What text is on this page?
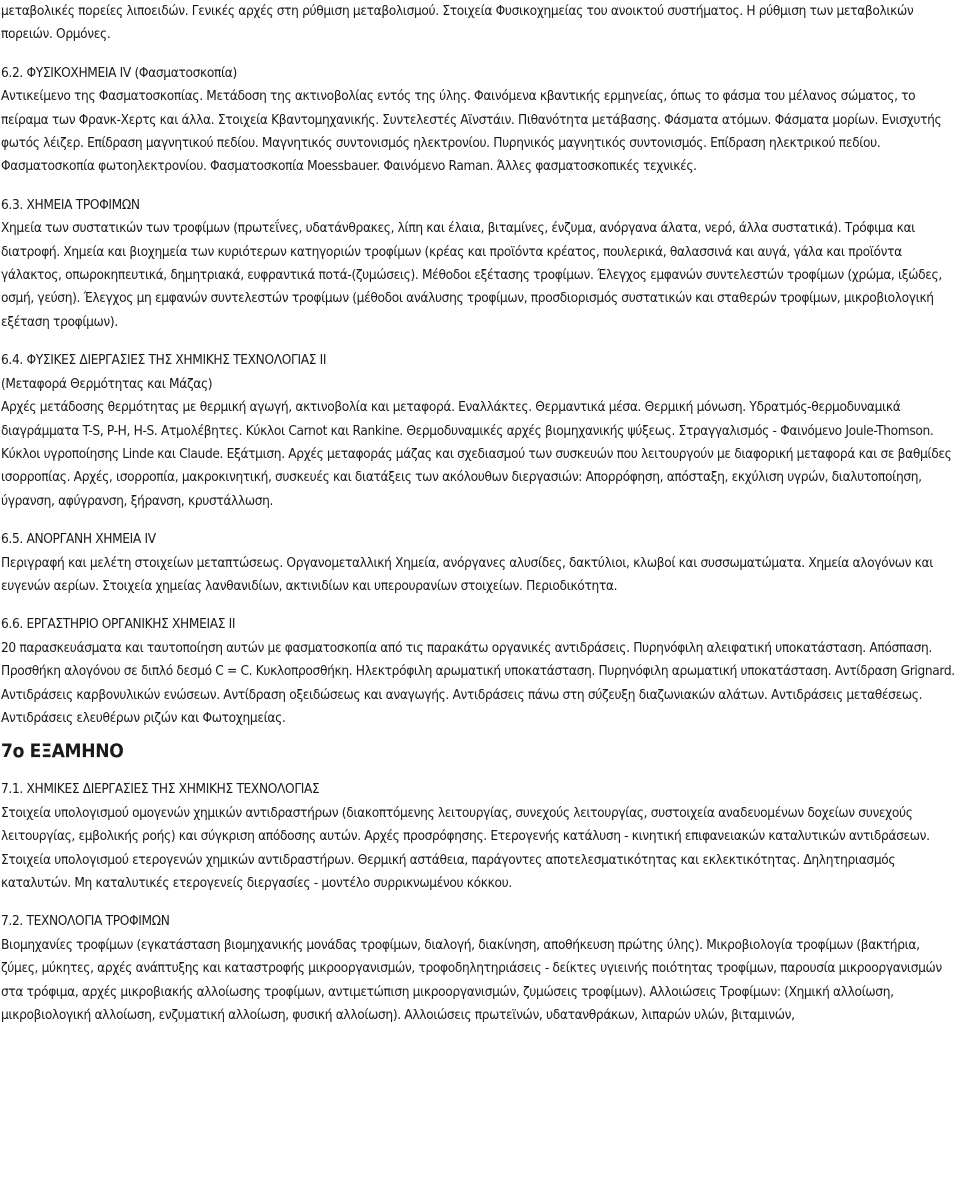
μεταβολικές πορείες λιποειδών. Γενικές αρχές στη ρύθμιση μεταβολισμού. Στοιχεία Φυσικοχημείας του ανοικτού συστήματος. Η ρύθμιση των μεταβολικών πορειών. Ορμόνες.

6.2. ΦΥΣΙΚΟΧΗΜΕΙΑ IV (Φασματοσκοπία)
Αντικείμενο της Φασματοσκοπίας. Μετάδοση της ακτινοβολίας εντός της ύλης. Φαινόμενα κβαντικής ερμηνείας, όπως το φάσμα του μέλανος σώματος, το πείραμα των Φρανκ-Χερτς και άλλα. Στοιχεία Κβαντομηχανικής. Συντελεστές Αϊνστάιν. Πιθανότητα μετάβασης. Φάσματα ατόμων. Φάσματα μορίων. Ενισχυτής φωτός λέιζερ. Επίδραση μαγνητικού πεδίου. Μαγνητικός συντονισμός ηλεκτρονίου. Πυρηνικός μαγνητικός συντονισμός. Επίδραση ηλεκτρικού πεδίου. Φασματοσκοπία φωτοηλεκτρονίου. Φασματοσκοπία Moessbauer. Φαινόμενο Raman. Άλλες φασματοσκοπικές τεχνικές.
6.3. ΧΗΜΕΙΑ ΤΡΟΦΙΜΩΝ
Χημεία των συστατικών των τροφίμων (πρωτεΐνες, υδατάνθρακες, λίπη και έλαια, βιταμίνες, ένζυμα, ανόργανα άλατα, νερό, άλλα συστατικά). Τρόφιμα και διατροφή. Χημεία και βιοχημεία των κυριότερων κατηγοριών τροφίμων (κρέας και προϊόντα κρέατος, πουλερικά, θαλασσινά και αυγά, γάλα και προϊόντα γάλακτος, οπωροκηπευτικά, δημητριακά, ευφραντικά ποτά-(ζυμώσεις). Μέθοδοι εξέτασης τροφίμων. Έλεγχος εμφανών συντελεστών τροφίμων (χρώμα, ιξώδες, οσμή, γεύση). Έλεγχος μη εμφανών συντελεστών τροφίμων (μέθοδοι ανάλυσης τροφίμων, προσδιορισμός συστατικών και σταθερών τροφίμων, μικροβιολογική εξέταση τροφίμων).
6.4. ΦΥΣΙΚΕΣ ΔΙΕΡΓΑΣΙΕΣ ΤΗΣ ΧΗΜΙΚΗΣ ΤΕΧΝΟΛΟΓΙΑΣ II
(Μεταφορά Θερμότητας και Μάζας)
Αρχές μετάδοσης θερμότητας με θερμική αγωγή, ακτινοβολία και μεταφορά. Εναλλάκτες. Θερμαντικά μέσα. Θερμική μόνωση. Υδρατμός-θερμοδυναμικά διαγράμματα T-S, P-H, H-S. Ατμολέβητες. Κύκλοι Carnot και Rankine. Θερμοδυναμικές αρχές βιομηχανικής ψύξεως. Στραγγαλισμός - Φαινόμενο Joule-Thomson. Κύκλοι υγροποίησης Linde και Claude. Εξάτμιση. Αρχές μεταφοράς μάζας και σχεδιασμού των συσκευών που λειτουργούν με διαφορική μεταφορά και σε βαθμίδες ισορροπίας. Αρχές, ισορροπία, μακροκινητική, συσκευές και διατάξεις των ακόλουθων διεργασιών: Απορρόφηση, απόσταξη, εκχύλιση υγρών, διαλυτοποίηση, ύγρανση, αφύγρανση, ξήρανση, κρυστάλλωση.
6.5. ΑΝΟΡΓΑΝΗ ΧΗΜΕΙΑ IV
Περιγραφή και μελέτη στοιχείων μεταπτώσεως. Οργανομεταλλική Χημεία, ανόργανες αλυσίδες, δακτύλιοι, κλωβοί και συσσωματώματα. Χημεία αλογόνων και ευγενών αερίων. Στοιχεία χημείας λανθανιδίων, ακτινιδίων και υπερουρανίων στοιχείων. Περιοδικότητα.
6.6. ΕΡΓΑΣΤΗΡΙΟ ΟΡΓΑΝΙΚΗΣ ΧΗΜΕΙΑΣ II
20 παρασκευάσματα και ταυτοποίηση αυτών με φασματοσκοπία από τις παρακάτω οργανικές αντιδράσεις. Πυρηνόφιλη αλειφατική υποκατάσταση. Απόσπαση. Προσθήκη αλογόνου σε διπλό δεσμό C = C. Κυκλοπροσθήκη. Ηλεκτρόφιλη αρωματική υποκατάσταση. Πυρηνόφιλη αρωματική υποκατάσταση. Αντίδραση Grignard. Αντιδράσεις καρβονυλικών ενώσεων. Αντίδραση οξειδώσεως και αναγωγής. Αντιδράσεις πάνω στη σύζευξη διαζωνιακών αλάτων. Αντιδράσεις μεταθέσεως. Αντιδράσεις ελευθέρων ριζών και Φωτοχημείας.
7ο ΕΞΑΜΗΝΟ
7.1. ΧΗΜΙΚΕΣ ΔΙΕΡΓΑΣΙΕΣ ΤΗΣ ΧΗΜΙΚΗΣ ΤΕΧΝΟΛΟΓΙΑΣ
Στοιχεία υπολογισμού ομογενών χημικών αντιδραστήρων (διακοπτόμενης λειτουργίας, συνεχούς λειτουργίας, συστοιχεία αναδευομένων δοχείων συνεχούς λειτουργίας, εμβολικής ροής) και σύγκριση απόδοσης αυτών. Αρχές προσρόφησης. Ετερογενής κατάλυση - κινητική επιφανειακών καταλυτικών αντιδράσεων. Στοιχεία υπολογισμού ετερογενών χημικών αντιδραστήρων. Θερμική αστάθεια, παράγοντες αποτελεσματικότητας και εκλεκτικότητας. Δηλητηριασμός καταλυτών. Μη καταλυτικές ετερογενείς διεργασίες - μοντέλο συρρικνωμένου κόκκου.
7.2. ΤΕΧΝΟΛΟΓΙΑ ΤΡΟΦΙΜΩΝ
Βιομηχανίες τροφίμων (εγκατάσταση βιομηχανικής μονάδας τροφίμων, διαλογή, διακίνηση, αποθήκευση πρώτης ύλης). Μικροβιολογία τροφίμων (βακτήρια, ζύμες, μύκητες, αρχές ανάπτυξης και καταστροφής μικροοργανισμών, τροφοδηλητηριάσεις - δείκτες υγιεινής ποιότητας τροφίμων, παρουσία μικροοργανισμών στα τρόφιμα, αρχές μικροβιακής αλλοίωσης τροφίμων, αντιμετώπιση μικροοργανισμών, ζυμώσεις τροφίμων). Αλλοιώσεις Τροφίμων: (Χημική αλλοίωση, μικροβιολογική αλλοίωση, ενζυματική αλλοίωση, φυσική αλλοίωση). Αλλοιώσεις πρωτεϊνών, υδατανθράκων, λιπαρών υλών, βιταμινών,
